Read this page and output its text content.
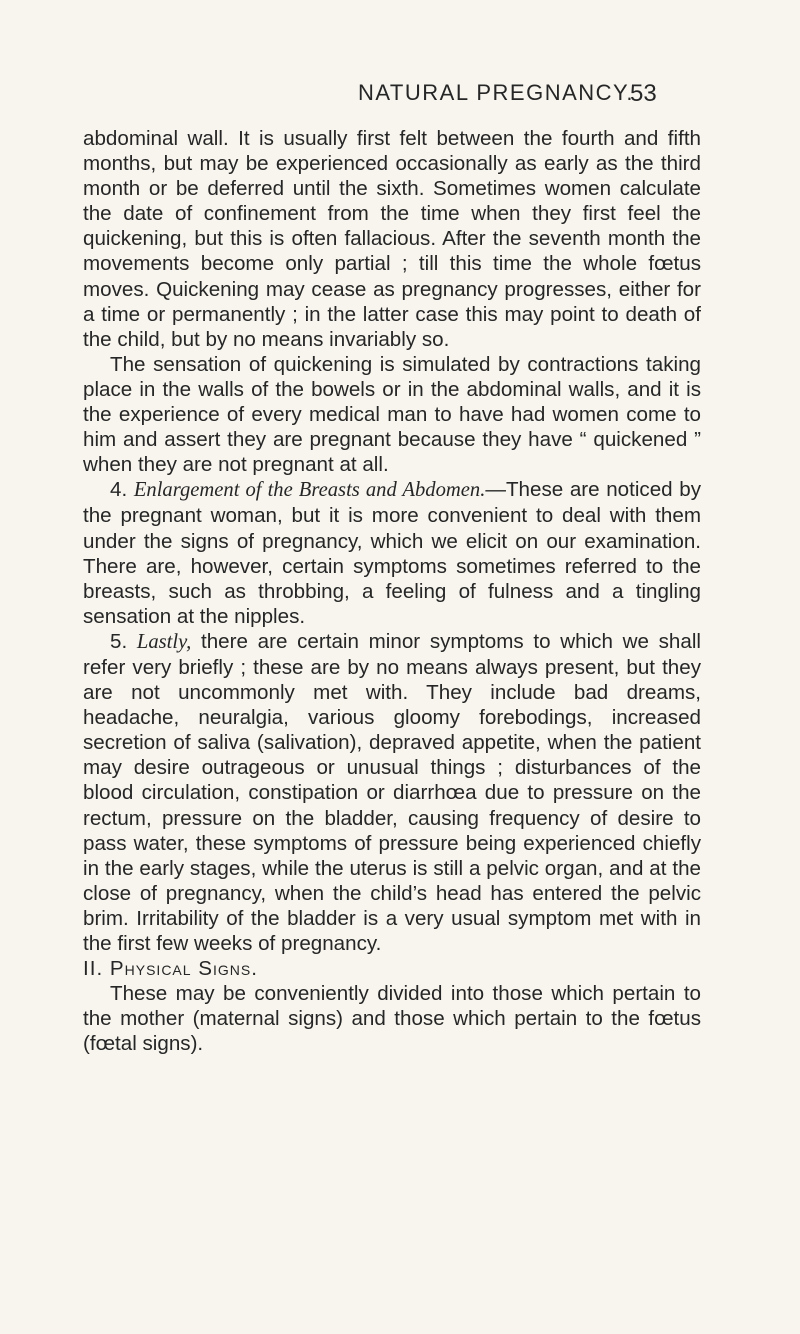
NATURAL PREGNANCY.
53

abdominal wall. It is usually first felt between the fourth and fifth months, but may be experienced occasionally as early as the third month or be deferred until the sixth. Sometimes women calculate the date of confinement from the time when they first feel the quickening, but this is often fallacious. After the seventh month the movements become only partial ; till this time the whole fœtus moves. Quickening may cease as pregnancy progresses, either for a time or permanently ; in the latter case this may point to death of the child, but by no means invariably so.

The sensation of quickening is simulated by contractions taking place in the walls of the bowels or in the abdominal walls, and it is the experience of every medical man to have had women come to him and assert they are pregnant because they have “ quickened ” when they are not pregnant at all.

4. Enlargement of the Breasts and Abdomen.—These are noticed by the pregnant woman, but it is more convenient to deal with them under the signs of pregnancy, which we elicit on our examination. There are, however, certain symptoms sometimes referred to the breasts, such as throbbing, a feeling of fulness and a tingling sensation at the nipples.

5. Lastly, there are certain minor symptoms to which we shall refer very briefly ; these are by no means always present, but they are not uncommonly met with. They include bad dreams, headache, neuralgia, various gloomy forebodings, increased secretion of saliva (salivation), depraved appetite, when the patient may desire outrageous or unusual things ; disturbances of the blood circulation, constipation or diarrhœa due to pressure on the rectum, pressure on the bladder, causing frequency of desire to pass water, these symptoms of pressure being experienced chiefly in the early stages, while the uterus is still a pelvic organ, and at the close of pregnancy, when the child’s head has entered the pelvic brim. Irritability of the bladder is a very usual symptom met with in the first few weeks of pregnancy.

II. Physical Signs.

These may be conveniently divided into those which pertain to the mother (maternal signs) and those which pertain to the fœtus (fœtal signs).
